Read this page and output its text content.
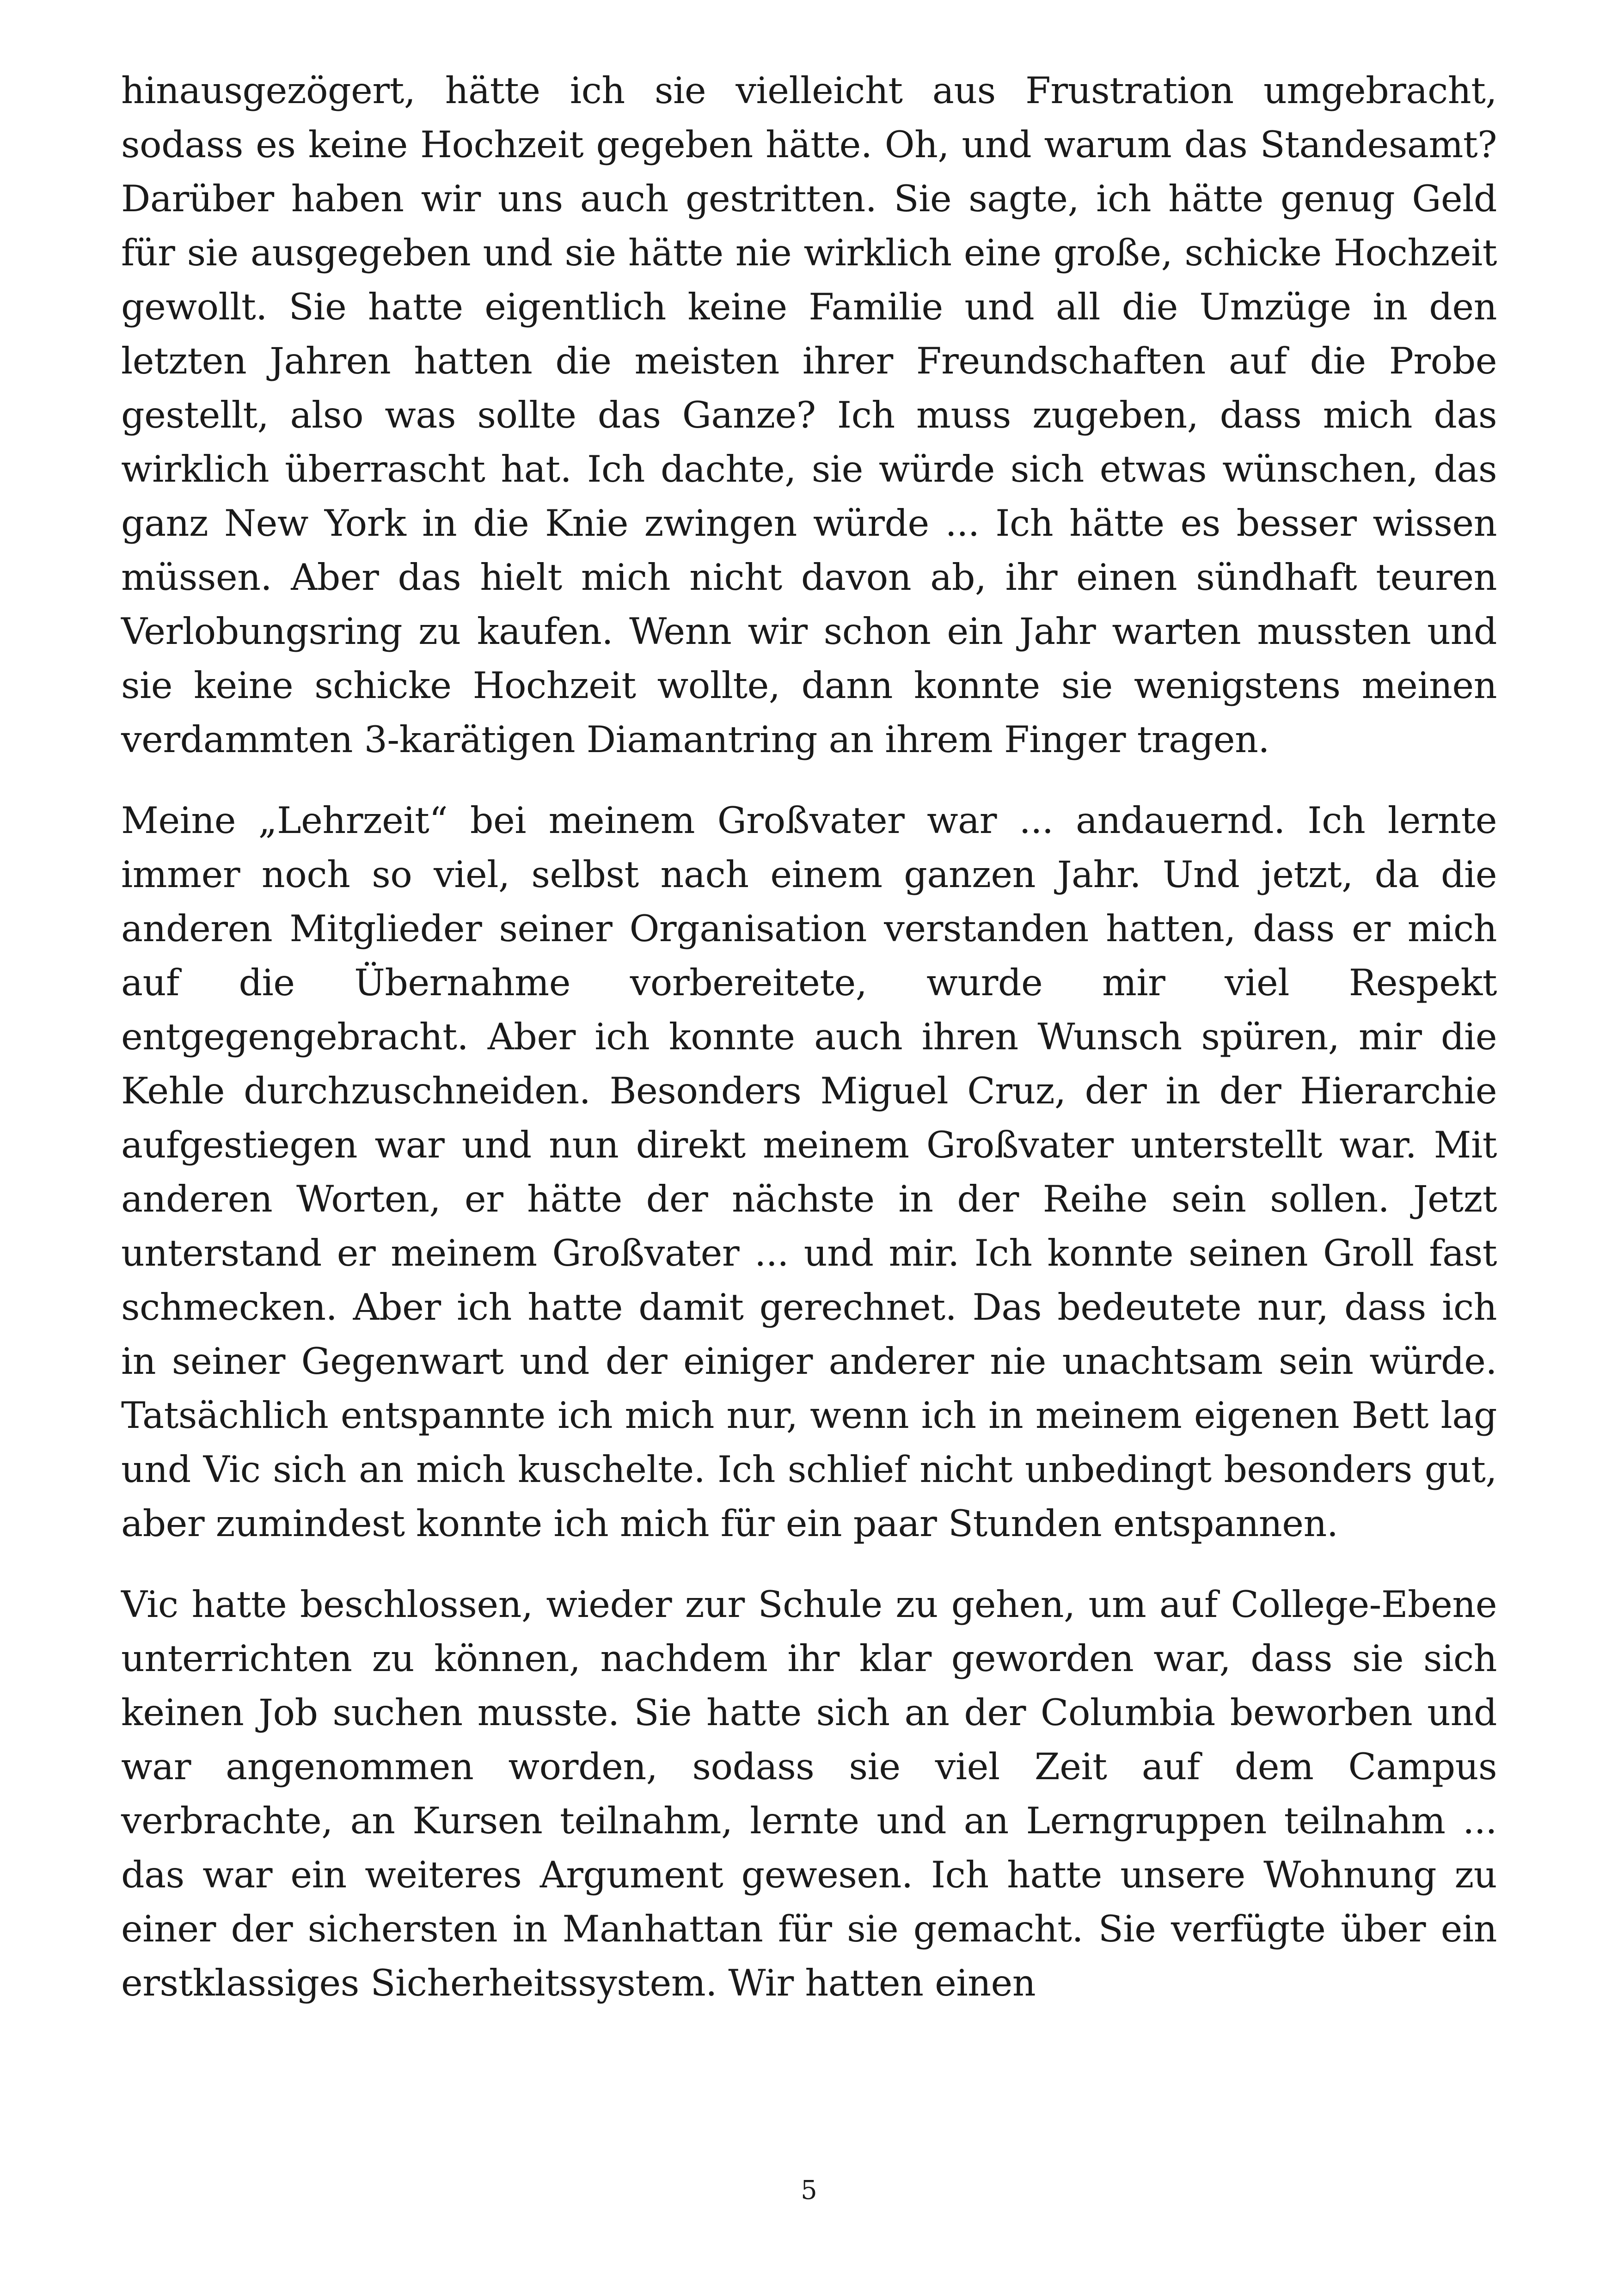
hinausgezögert, hätte ich sie vielleicht aus Frustration umgebracht, sodass es keine Hochzeit gegeben hätte. Oh, und warum das Standesamt? Darüber haben wir uns auch gestritten. Sie sagte, ich hätte genug Geld für sie ausgegeben und sie hätte nie wirklich eine große, schicke Hochzeit gewollt. Sie hatte eigentlich keine Familie und all die Umzüge in den letzten Jahren hatten die meisten ihrer Freundschaften auf die Probe gestellt, also was sollte das Ganze? Ich muss zugeben, dass mich das wirklich überrascht hat. Ich dachte, sie würde sich etwas wünschen, das ganz New York in die Knie zwingen würde ... Ich hätte es besser wissen müssen. Aber das hielt mich nicht davon ab, ihr einen sündhaft teuren Verlobungsring zu kaufen. Wenn wir schon ein Jahr warten mussten und sie keine schicke Hochzeit wollte, dann konnte sie wenigstens meinen verdammten 3-karätigen Diamantring an ihrem Finger tragen.

Meine „Lehrzeit“ bei meinem Großvater war ... andauernd. Ich lernte immer noch so viel, selbst nach einem ganzen Jahr. Und jetzt, da die anderen Mitglieder seiner Organisation verstanden hatten, dass er mich auf die Übernahme vorbereitete, wurde mir viel Respekt entgegengebracht. Aber ich konnte auch ihren Wunsch spüren, mir die Kehle durchzuschneiden. Besonders Miguel Cruz, der in der Hierarchie aufgestiegen war und nun direkt meinem Großvater unterstellt war. Mit anderen Worten, er hätte der nächste in der Reihe sein sollen. Jetzt unterstand er meinem Großvater ... und mir. Ich konnte seinen Groll fast schmecken. Aber ich hatte damit gerechnet. Das bedeutete nur, dass ich in seiner Gegenwart und der einiger anderer nie unachtsam sein würde. Tatsächlich entspannte ich mich nur, wenn ich in meinem eigenen Bett lag und Vic sich an mich kuschelte. Ich schlief nicht unbedingt besonders gut, aber zumindest konnte ich mich für ein paar Stunden entspannen.

Vic hatte beschlossen, wieder zur Schule zu gehen, um auf College-Ebene unterrichten zu können, nachdem ihr klar geworden war, dass sie sich keinen Job suchen musste. Sie hatte sich an der Columbia beworben und war angenommen worden, sodass sie viel Zeit auf dem Campus verbrachte, an Kursen teilnahm, lernte und an Lerngruppen teilnahm ... das war ein weiteres Argument gewesen. Ich hatte unsere Wohnung zu einer der sichersten in Manhattan für sie gemacht. Sie verfügte über ein erstklassiges Sicherheitssystem. Wir hatten einen

5
